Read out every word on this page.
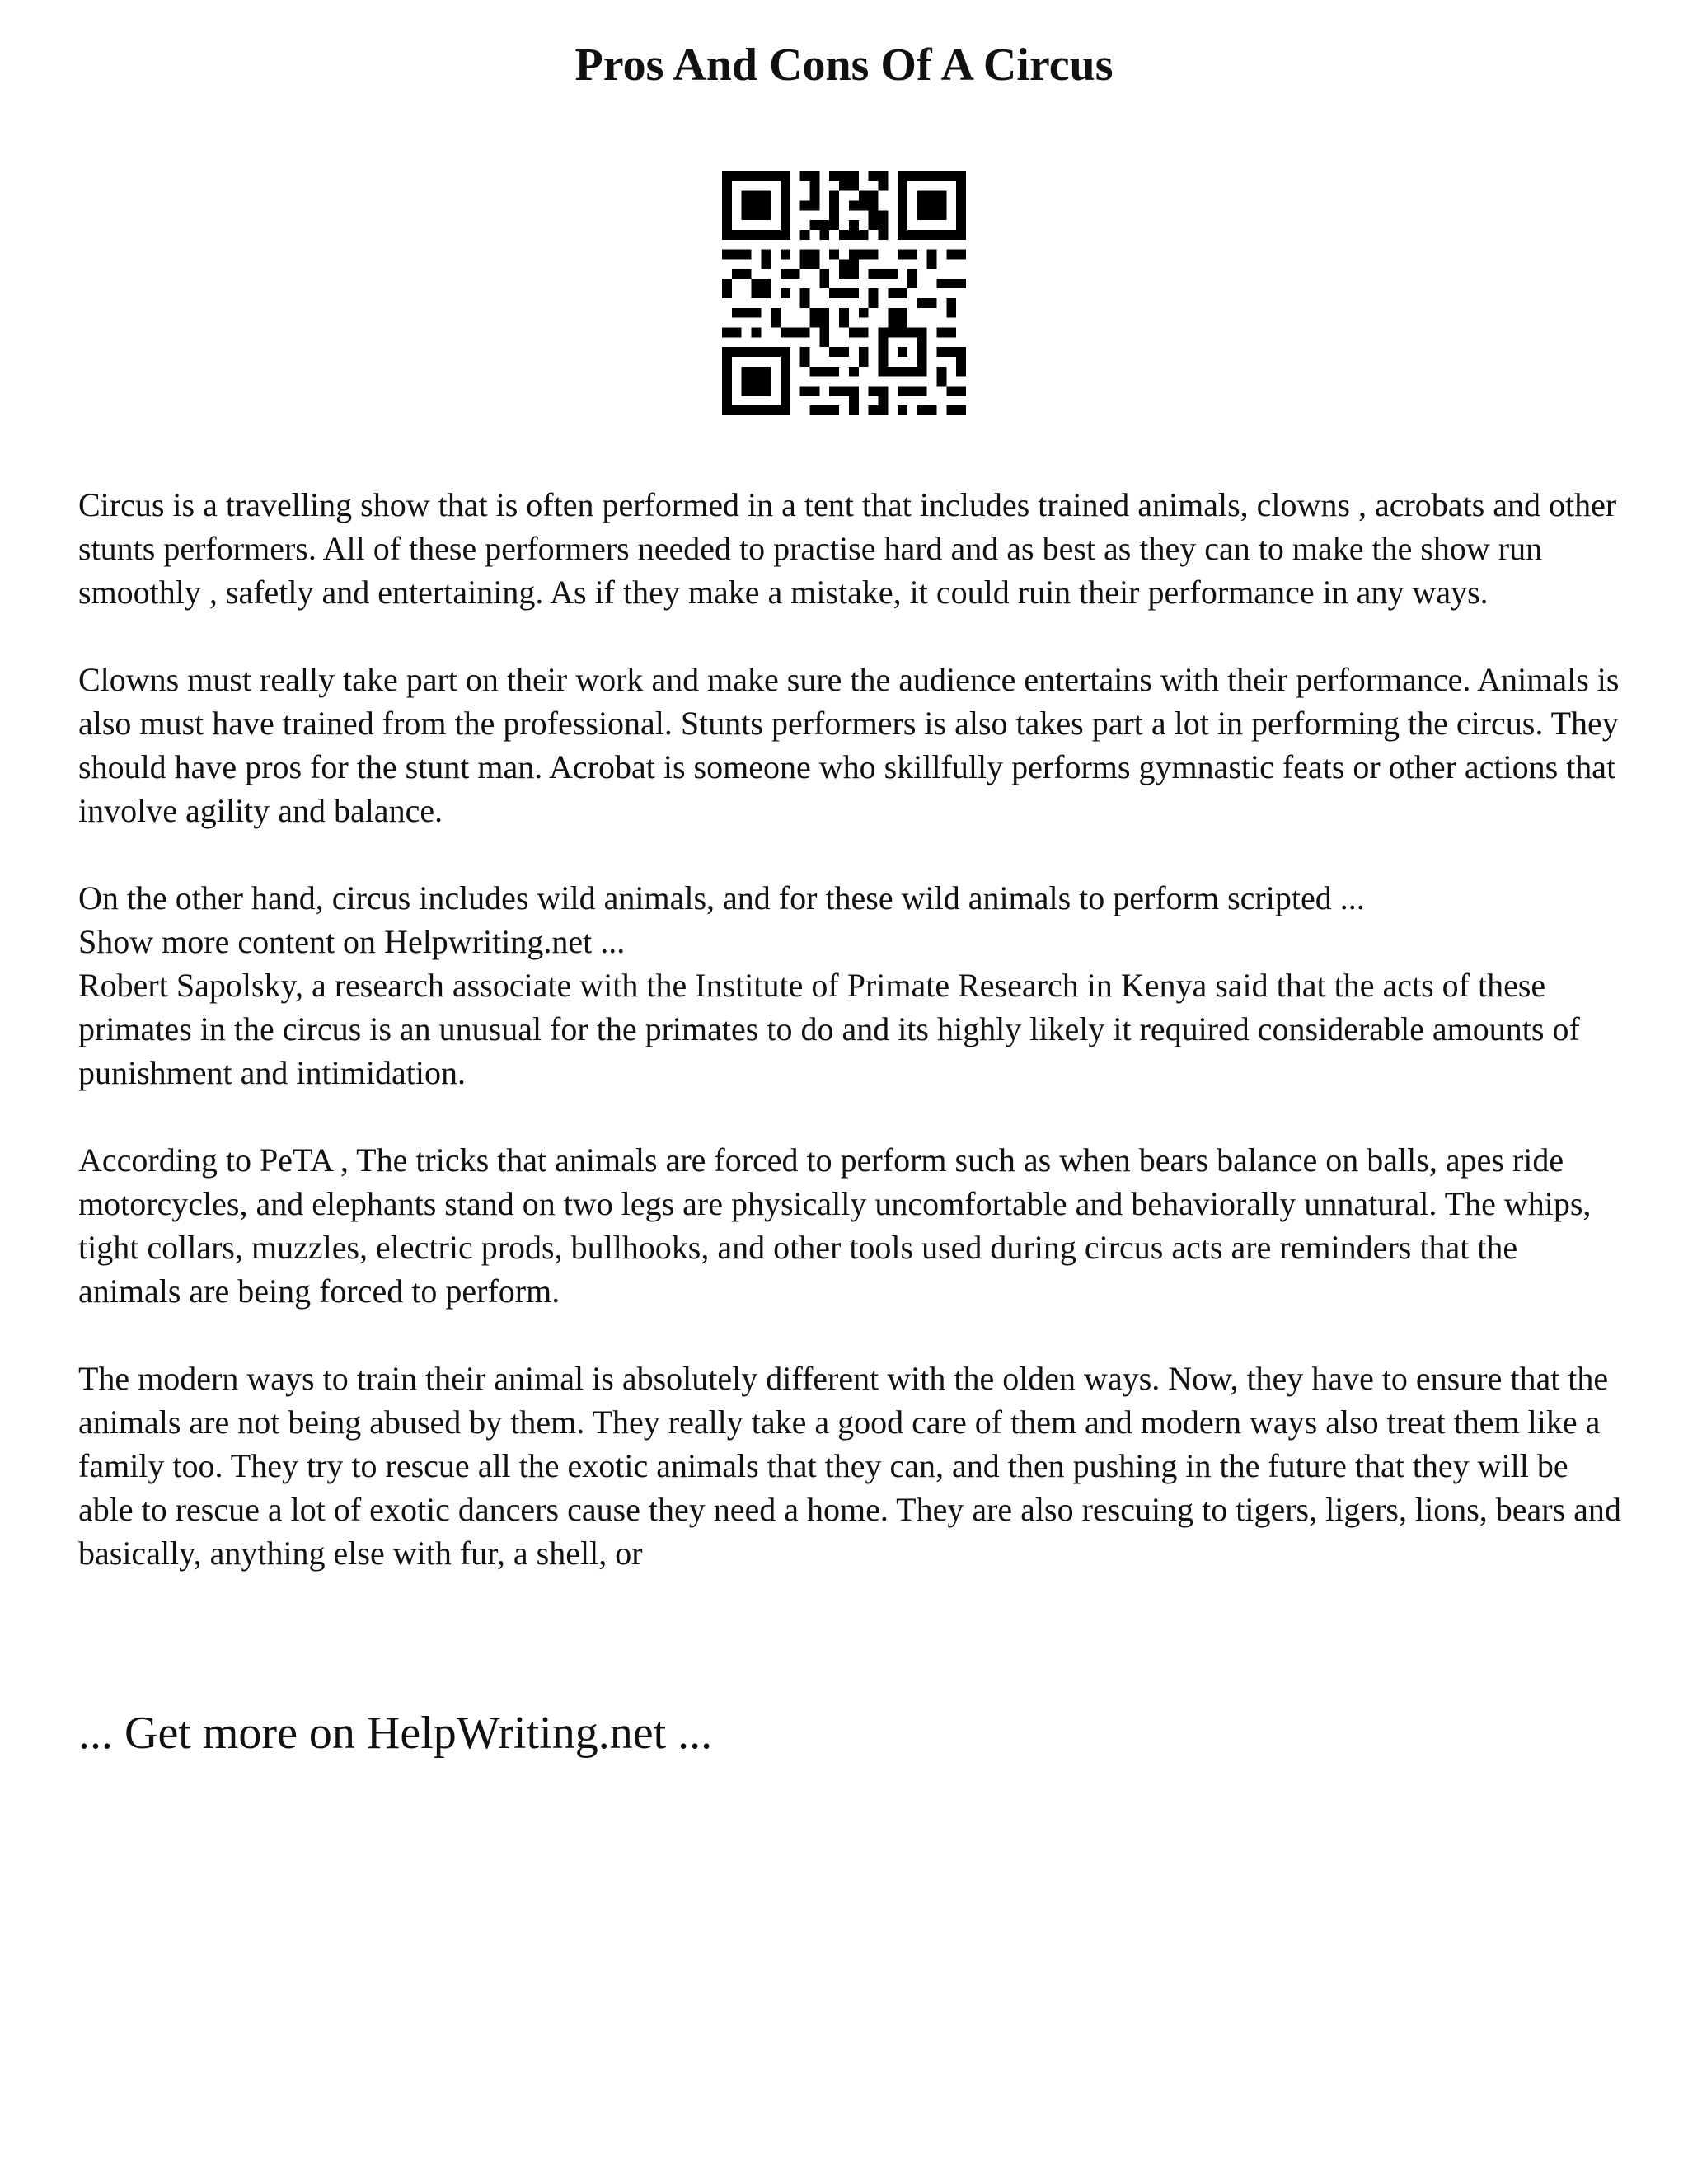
Pros And Cons Of A Circus

Circus is a travelling show that is often performed in a tent that includes trained animals, clowns , acrobats and other stunts performers. All of these performers needed to practise hard and as best as they can to make the show run smoothly , safetly and entertaining. As if they make a mistake, it could ruin their performance in any ways.

Clowns must really take part on their work and make sure the audience entertains with their performance. Animals is also must have trained from the professional. Stunts performers is also takes part a lot in performing the circus. They should have pros for the stunt man. Acrobat is someone who skillfully performs gymnastic feats or other actions that involve agility and balance.

On the other hand, circus includes wild animals, and for these wild animals to perform scripted ...

Show more content on Helpwriting.net ...

Robert Sapolsky, a research associate with the Institute of Primate Research in Kenya said that the acts of these primates in the circus is an unusual for the primates to do and its highly likely it required considerable amounts of punishment and intimidation.

According to PeTA , The tricks that animals are forced to perform such as when bears balance on balls, apes ride motorcycles, and elephants stand on two legs are physically uncomfortable and behaviorally unnatural. The whips, tight collars, muzzles, electric prods, bullhooks, and other tools used during circus acts are reminders that the animals are being forced to perform.

The modern ways to train their animal is absolutely different with the olden ways. Now, they have to ensure that the animals are not being abused by them. They really take a good care of them and modern ways also treat them like a family too. They try to rescue all the exotic animals that they can, and then pushing in the future that they will be able to rescue a lot of exotic dancers cause they need a home. They are also rescuing to tigers, ligers, lions, bears and basically, anything else with fur, a shell, or

... Get more on HelpWriting.net ...
